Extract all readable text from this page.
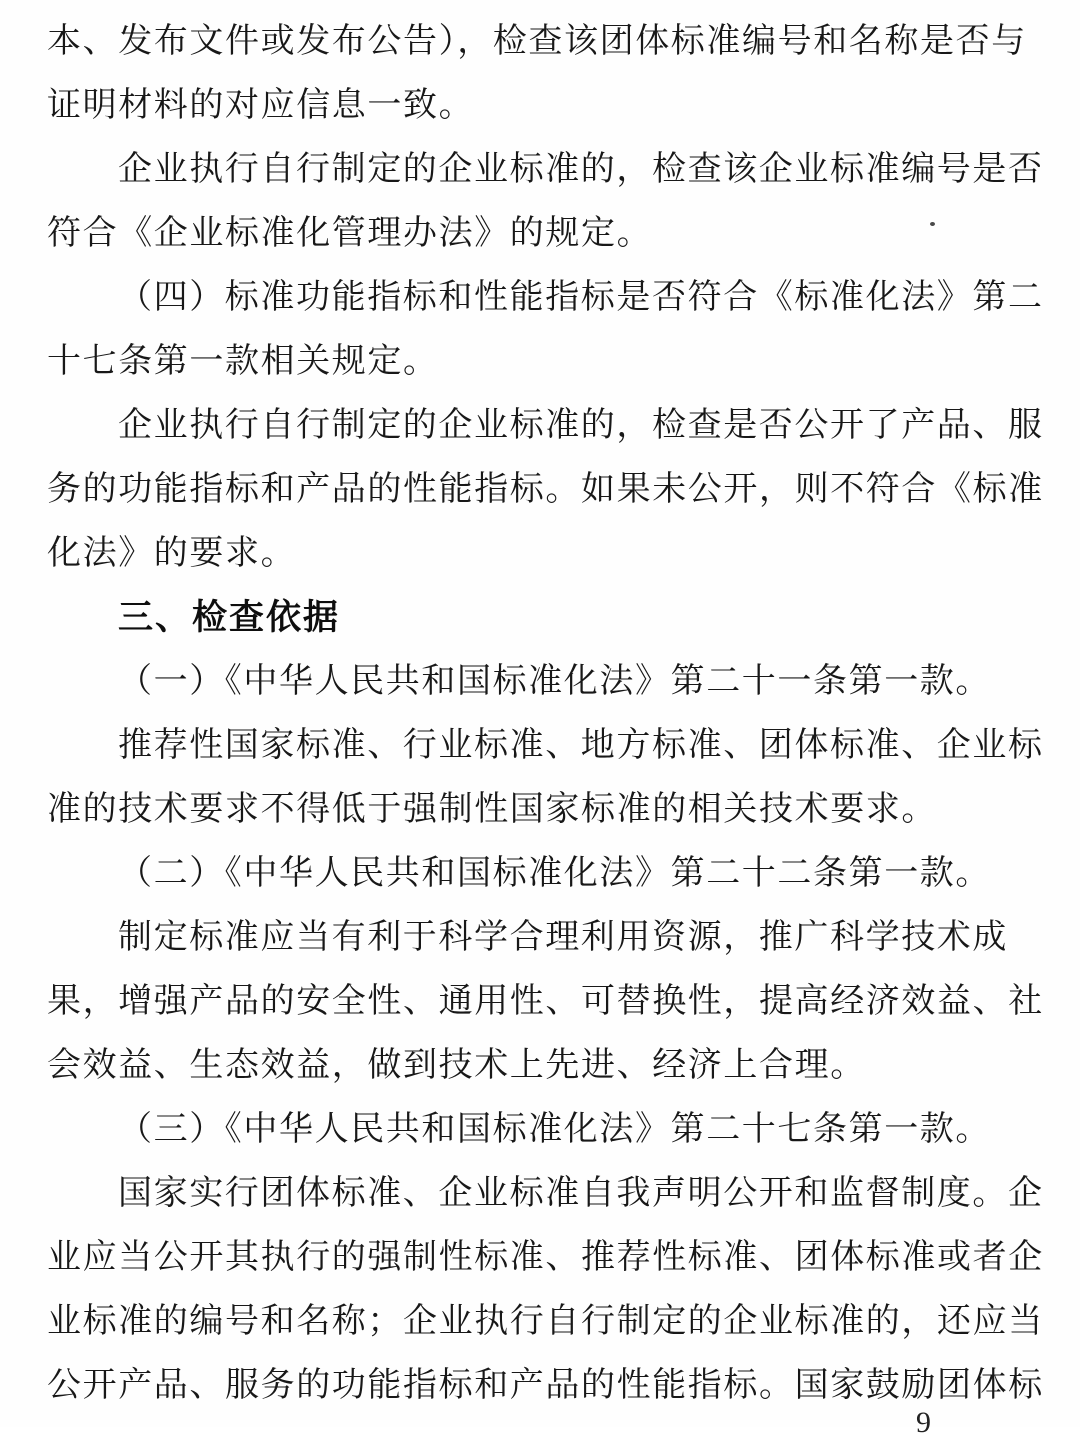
本、发布文件或发布公告），检查该团体标准编号和名称是否与
证明材料的对应信息一致。
企业执行自行制定的企业标准的，检查该企业标准编号是否
符合《企业标准化管理办法》的规定。
（四）标准功能指标和性能指标是否符合《标准化法》第二
十七条第一款相关规定。
企业执行自行制定的企业标准的，检查是否公开了产品、服
务的功能指标和产品的性能指标。如果未公开，则不符合《标准
化法》的要求。
三、检查依据
（一）《中华人民共和国标准化法》第二十一条第一款。
推荐性国家标准、行业标准、地方标准、团体标准、企业标
准的技术要求不得低于强制性国家标准的相关技术要求。
（二）《中华人民共和国标准化法》第二十二条第一款。
制定标准应当有利于科学合理利用资源，推广科学技术成
果，增强产品的安全性、通用性、可替换性，提高经济效益、社
会效益、生态效益，做到技术上先进、经济上合理。
（三）《中华人民共和国标准化法》第二十七条第一款。
国家实行团体标准、企业标准自我声明公开和监督制度。企
业应当公开其执行的强制性标准、推荐性标准、团体标准或者企
业标准的编号和名称；企业执行自行制定的企业标准的，还应当
公开产品、服务的功能指标和产品的性能指标。国家鼓励团体标
9
